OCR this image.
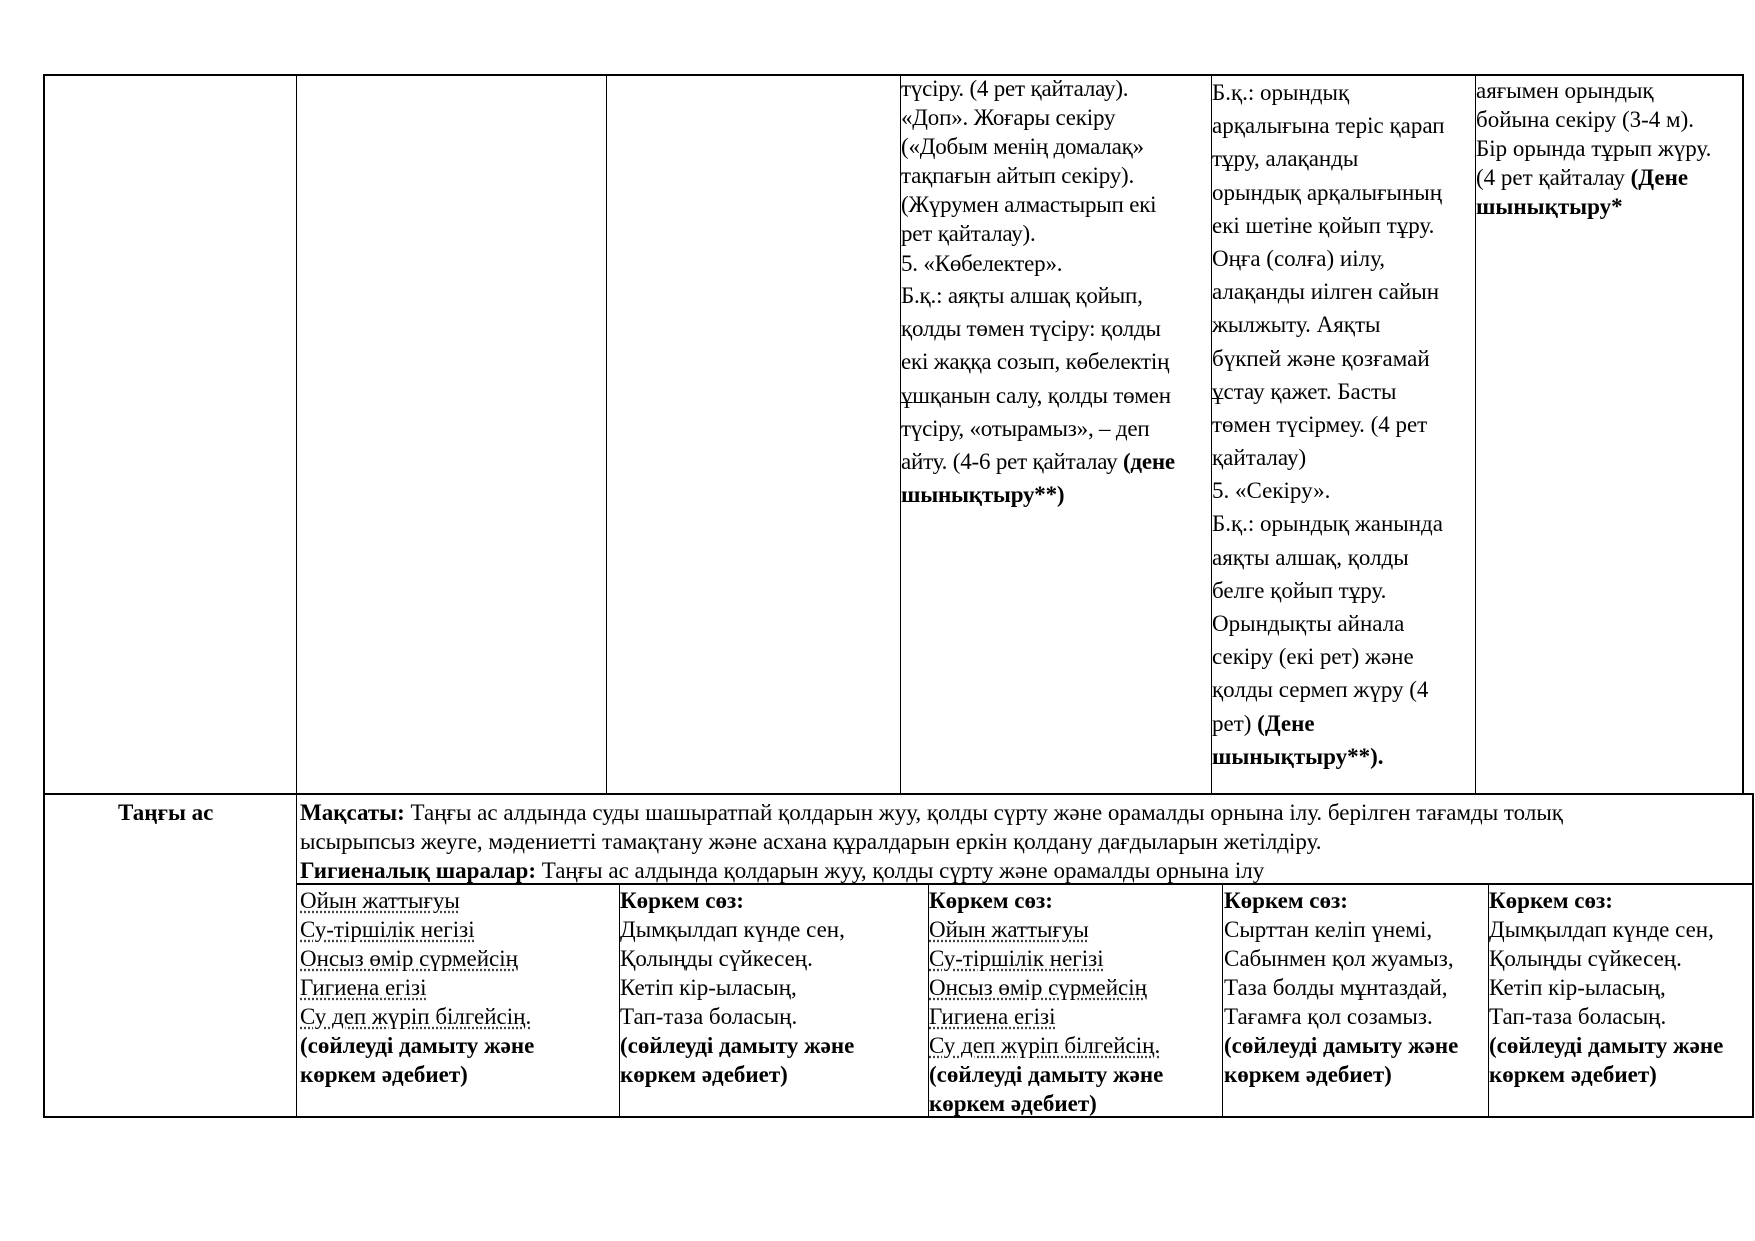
түсіру. (4 рет қайталау).
«Доп». Жоғары секіру
(«Добым менің домалақ»
тақпағын айтып секіру).
(Жүрумен алмастырып екі
рет қайталау).
5. «Көбелектер».
Б.қ.: аяқты алшақ қойып,
қолды төмен түсіру: қолды
екі жаққа созып, көбелектің
ұшқанын салу, қолды төмен
түсіру, «отырамыз», – деп
айту. (4-6 рет қайталау (дене
шынықтыру**)
Б.қ.: орындық
арқалығына теріс қарап
тұру, алақанды
орындық арқалығының
екі шетіне қойып тұру.
Оңға (солға) иілу,
алақанды иілген сайын
жылжыту. Аяқты
бүкпей және қозғамай
ұстау қажет. Басты
төмен түсірмеу. (4 рет
қайталау)
5. «Секіру».
Б.қ.: орындық жанында
аяқты алшақ, қолды
белге қойып тұру.
Орындықты айнала
секіру (екі рет) және
қолды сермеп жүру (4
рет) (Дене
шынықтыру**).
аяғымен орындық
бойына секіру (3-4 м).
Бір орында тұрып жүру.
(4 рет қайталау (Дене
шынықтыру*
Таңғы ас	Мақсаты: Таңғы ас алдында суды шашыратпай қолдарын жуу, қолды сүрту және орамалды орнына ілу. берілген тағамды толық
ысырыпсыз жеуге, мәдениетті тамақтану және асхана құралдарын еркін қолдану дағдыларын жетілдіру.
Гигиеналық шаралар: Таңғы ас алдында қолдарын жуу, қолды сүрту және орамалды орнына ілу
Ойын жаттығуы
Су-тіршілік негізі
Онсыз өмір сүрмейсің
Гигиена егізі
Су деп жүріп білгейсің.
(сөйлеуді дамыту және
көркем әдебиет)
Көркем сөз:
Дымқылдап күнде сен,
Қолыңды сүйкесең.
Кетіп кір-ыласың,
Тап-таза боласың.
(сөйлеуді дамыту және
көркем әдебиет)
Көркем сөз:
Ойын жаттығуы
Су-тіршілік негізі
Онсыз өмір сүрмейсің
Гигиена егізі
Су деп жүріп білгейсің.
(сөйлеуді дамыту және
көркем әдебиет)
Көркем сөз:
Сырттан келіп үнемі,
Сабынмен қол жуамыз,
Таза болды мұнтаздай,
Тағамға қол созамыз.
(сөйлеуді дамыту және
көркем әдебиет)
Көркем сөз:
Дымқылдап күнде сен,
Қолыңды сүйкесең.
Кетіп кір-ыласың,
Тап-таза боласың.
(сөйлеуді дамыту және
көркем әдебиет)
